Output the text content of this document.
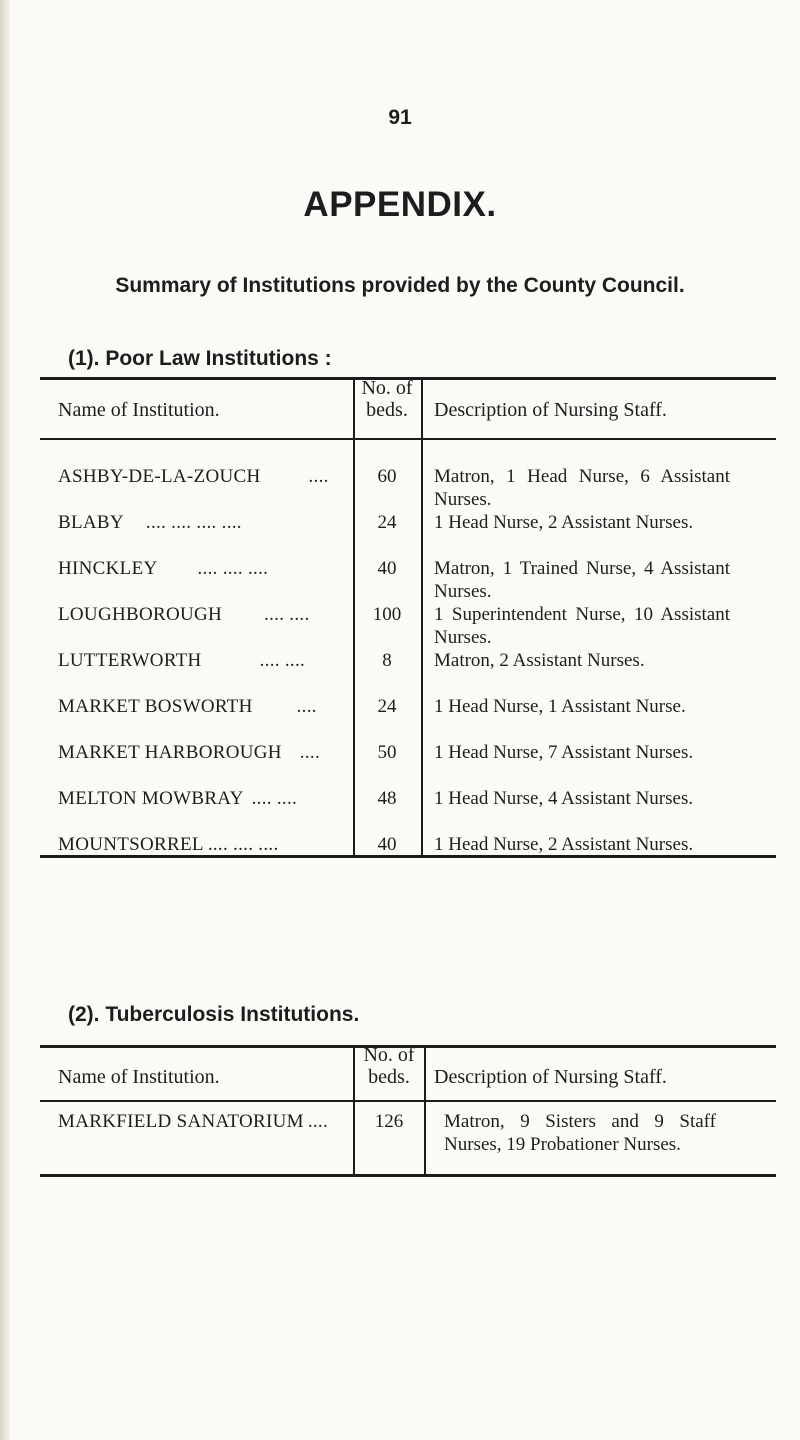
91
APPENDIX.
Summary of Institutions provided by the County Council.
(1). Poor Law Institutions :
Name of Institution.
No. of
beds.	Description of Nursing Staff.
ASHBY-DE-LA-ZOUCH	....	60	Matron, 1 Head Nurse, 6 Assistant Nurses.
BLABY .... .... .... ....	24	1 Head Nurse, 2 Assistant Nurses.
HINCKLEY .... .... ....	40	Matron, 1 Trained Nurse, 4 Assistant Nurses.
LOUGHBOROUGH .... ....	100	1 Superintendent Nurse, 10 Assistant Nurses.
LUTTERWORTH	.... ....	8	Matron, 2 Assistant Nurses.
MARKET BOSWORTH ....	24	1 Head Nurse, 1 Assistant Nurse.
MARKET HARBOROUGH ....	50	1 Head Nurse, 7 Assistant Nurses.
MELTON MOWBRAY .... ....	48	1 Head Nurse, 4 Assistant Nurses.
MOUNTSORREL .... .... ....	40	1 Head Nurse, 2 Assistant Nurses.
(2). Tuberculosis Institutions.
Name of Institution.
No. of
beds.	Description of Nursing Staff.
MARKFIELD SANATORIUM ....	126	Matron, 9 Sisters and 9 Staff Nurses, 19 Probationer Nurses.
